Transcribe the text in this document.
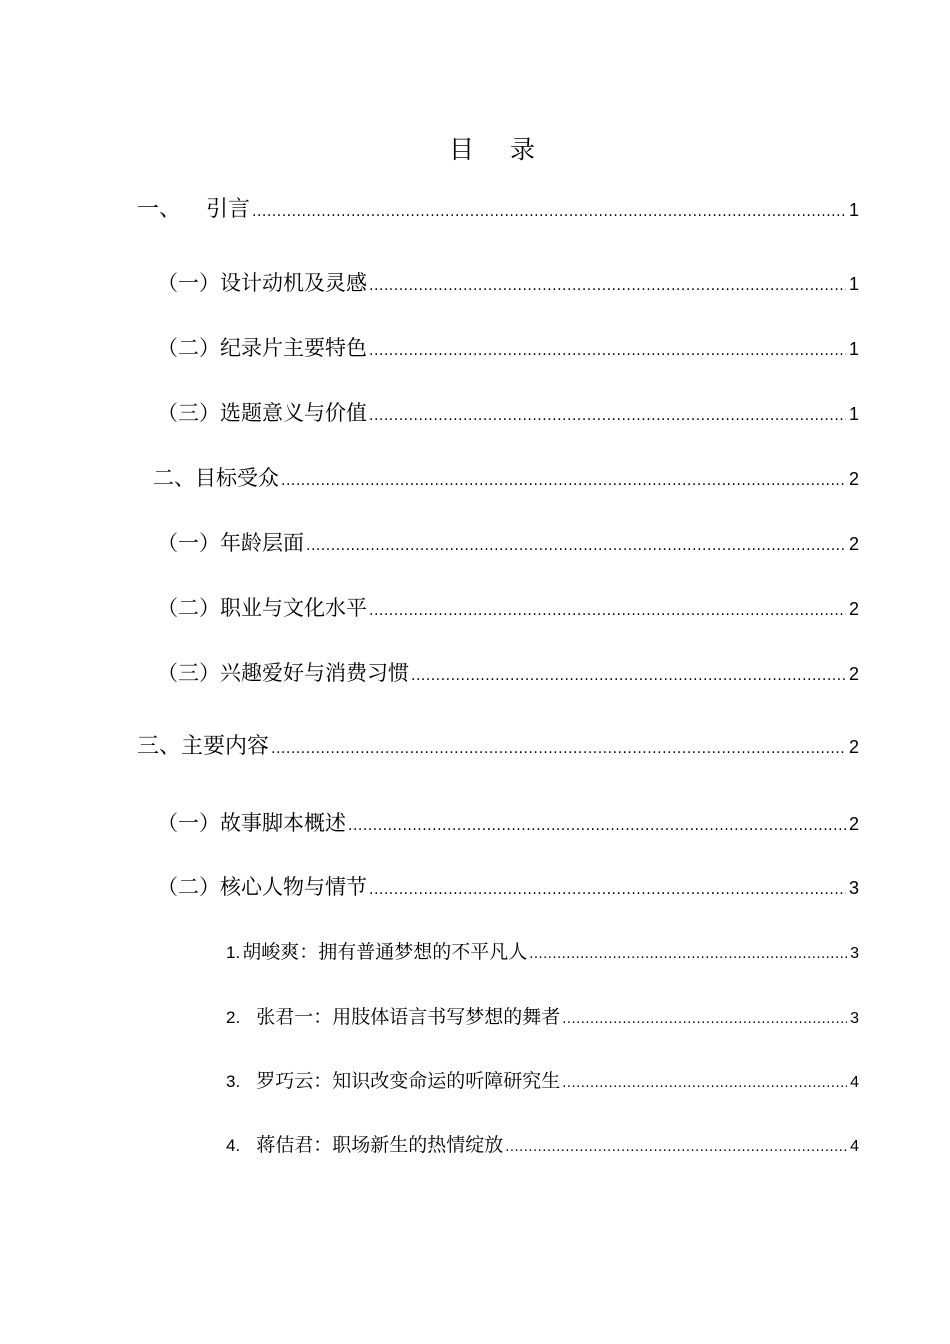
目 录
一、 引言 .....	1
（一）设计动机及灵感 .....	1
（二）纪录片主要特色 .....	1
（三）选题意义与价值 .....	1
二、目标受众 .....	2
（一）年龄层面 .....	2
（二）职业与文化水平 .....	2
（三）兴趣爱好与消费习惯 .....	2
三、主要内容 .....	2
（一）故事脚本概述 .....	2
（二）核心人物与情节 .....	3
1. 胡峻爽：拥有普通梦想的不平凡人 .....	3
2. 张君一：用肢体语言书写梦想的舞者 .....	3
3. 罗巧云：知识改变命运的听障研究生 .....	4
4. 蒋佶君：职场新生的热情绽放 .....	4
